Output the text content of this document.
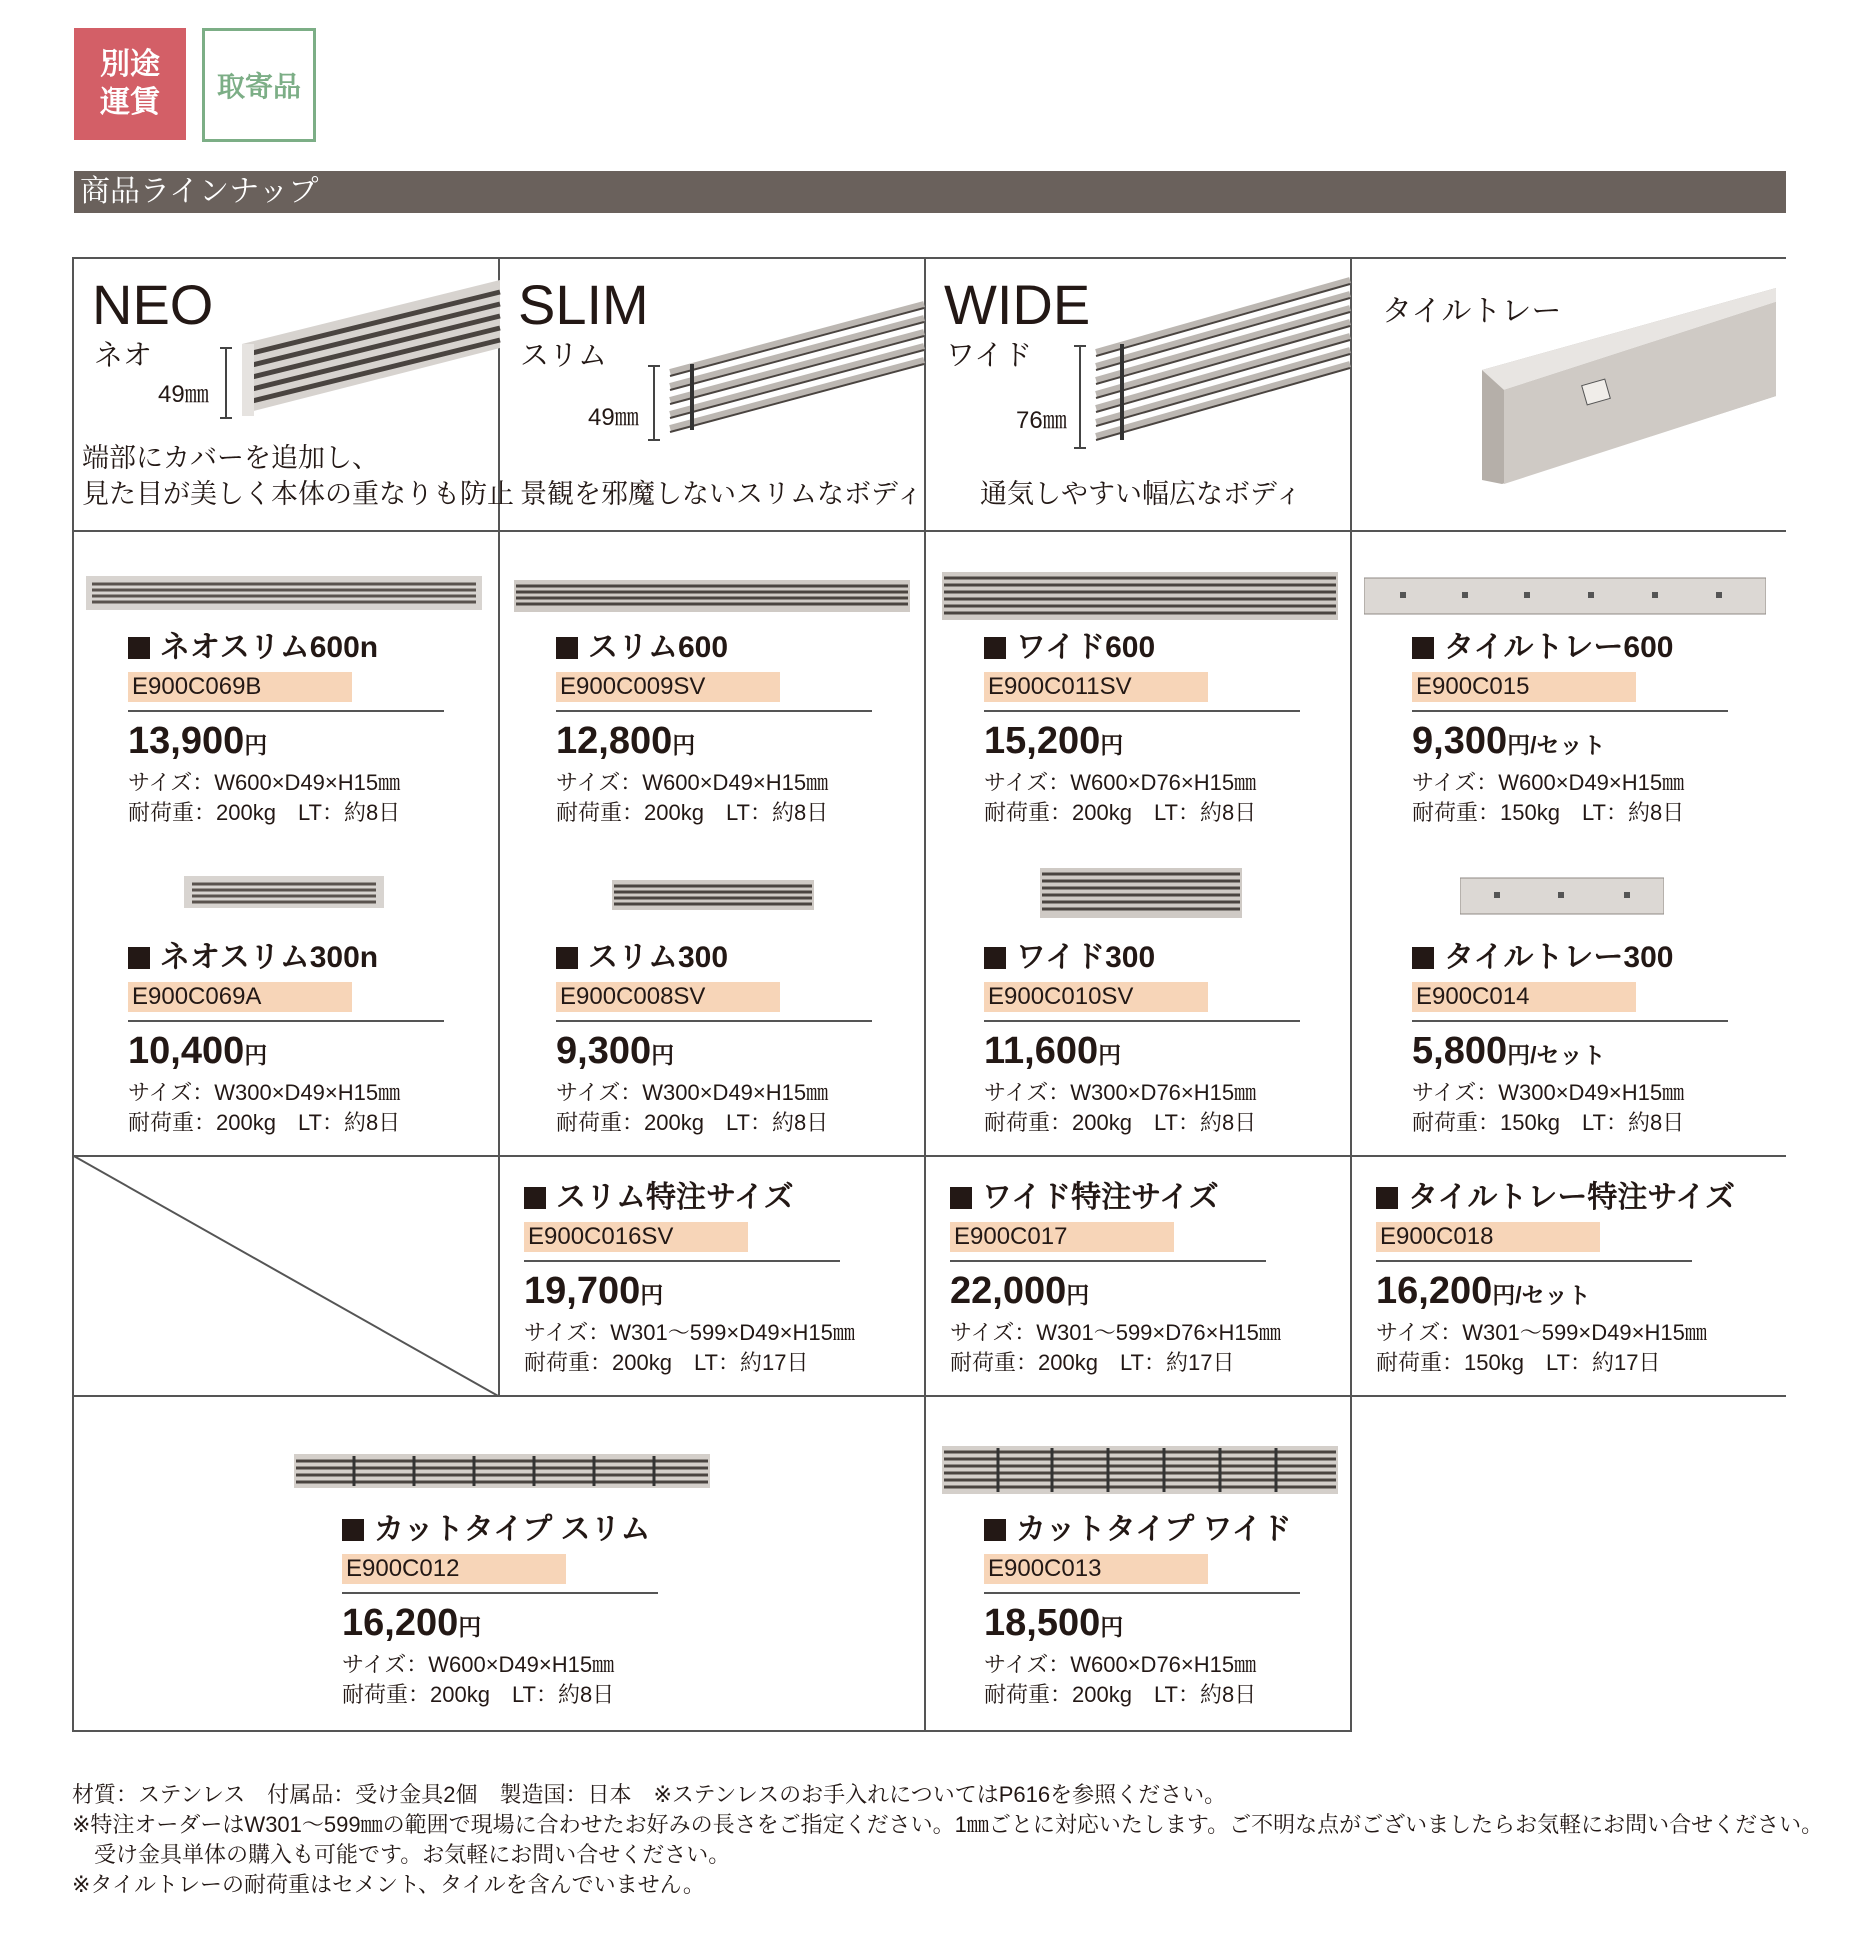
別途
運賃	取寄品
商品ラインナップ
NEO
ネオ
49㎜
端部にカバーを追加し、
見た目が美しく本体の重なりも防止
SLIM
スリム
49㎜
景観を邪魔しないスリムなボディ
WIDE
ワイド
76㎜
通気しやすい幅広なボディ
タイルトレー
ネオスリム600n
E900C069B
13,900円
サイズ：W600×D49×H15㎜
耐荷重：200kg　LT：約8日
ネオスリム300n
E900C069A
10,400円
サイズ：W300×D49×H15㎜
耐荷重：200kg　LT：約8日
スリム600
E900C009SV
12,800円
サイズ：W600×D49×H15㎜
耐荷重：200kg　LT：約8日
スリム300
E900C008SV
9,300円
サイズ：W300×D49×H15㎜
耐荷重：200kg　LT：約8日
ワイド600
E900C011SV
15,200円
サイズ：W600×D76×H15㎜
耐荷重：200kg　LT：約8日
ワイド300
E900C010SV
11,600円
サイズ：W300×D76×H15㎜
耐荷重：200kg　LT：約8日
タイルトレー600
E900C015
9,300円/セット
サイズ：W600×D49×H15㎜
耐荷重：150kg　LT：約8日
タイルトレー300
E900C014
5,800円/セット
サイズ：W300×D49×H15㎜
耐荷重：150kg　LT：約8日
スリム特注サイズ
E900C016SV
19,700円
サイズ：W301～599×D49×H15㎜
耐荷重：200kg　LT：約17日
ワイド特注サイズ
E900C017
22,000円
サイズ：W301～599×D76×H15㎜
耐荷重：200kg　LT：約17日
タイルトレー特注サイズ
E900C018
16,200円/セット
サイズ：W301～599×D49×H15㎜
耐荷重：150kg　LT：約17日
カットタイプ スリム
E900C012
16,200円
サイズ：W600×D49×H15㎜
耐荷重：200kg　LT：約8日
カットタイプ ワイド
E900C013
18,500円
サイズ：W600×D76×H15㎜
耐荷重：200kg　LT：約8日
材質：ステンレス　付属品：受け金具2個　製造国：日本　※ステンレスのお手入れについてはP616を参照ください。
※特注オーダーはW301～599㎜の範囲で現場に合わせたお好みの長さをご指定ください。1㎜ごとに対応いたします。ご不明な点がございましたらお気軽にお問い合せください。
　受け金具単体の購入も可能です。お気軽にお問い合せください。
※タイルトレーの耐荷重はセメント、タイルを含んでいません。
